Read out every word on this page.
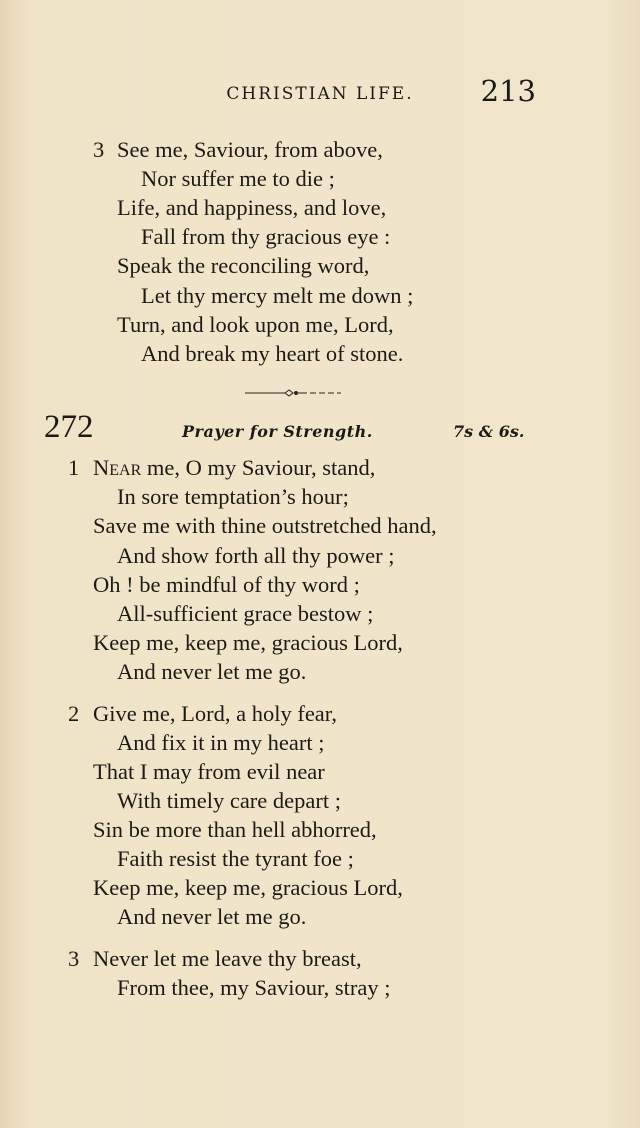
CHRISTIAN LIFE.	213
3 See me, Saviour, from above,
Nor suffer me to die ;
Life, and happiness, and love,
Fall from thy gracious eye :
Speak the reconciling word,
Let thy mercy melt me down ;
Turn, and look upon me, Lord,
And break my heart of stone.
272	Prayer for Strength.	7s & 6s.
1 Near me, O my Saviour, stand,
In sore temptation’s hour;
Save me with thine outstretched hand,
And show forth all thy power ;
Oh ! be mindful of thy word ;
All-sufficient grace bestow ;
Keep me, keep me, gracious Lord,
And never let me go.
2 Give me, Lord, a holy fear,
And fix it in my heart ;
That I may from evil near
With timely care depart ;
Sin be more than hell abhorred,
Faith resist the tyrant foe ;
Keep me, keep me, gracious Lord,
And never let me go.
3 Never let me leave thy breast,
From thee, my Saviour, stray ;
